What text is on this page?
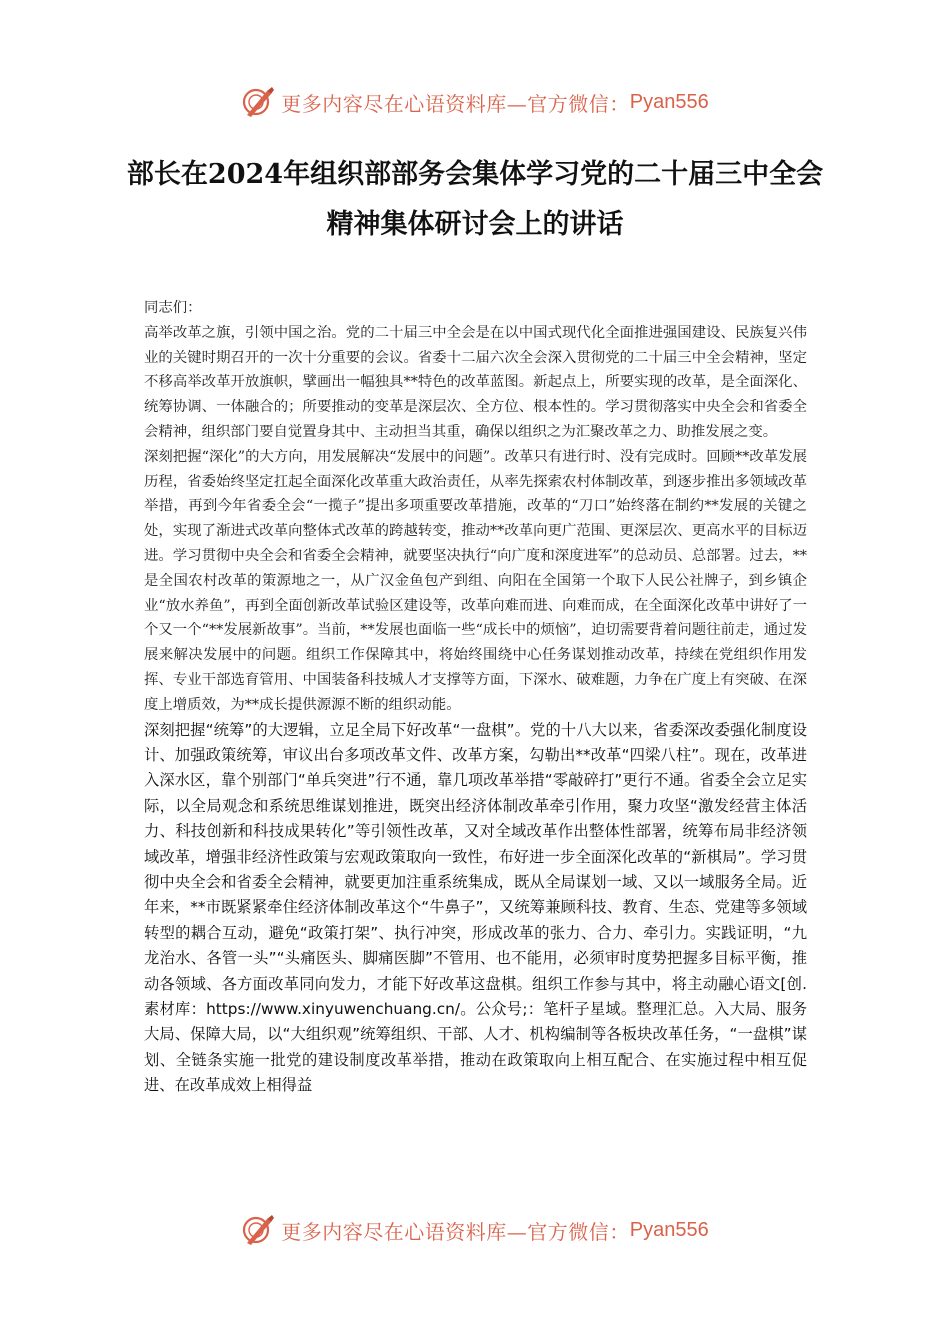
更多内容尽在心语资料库—官方微信： Pyan556
部长在2024年组织部部务会集体学习党的二十届三中全会精神集体研讨会上的讲话

同志们：

高举改革之旗，引领中国之治。党的二十届三中全会是在以中国式现代化全面推进强国建设、民族复兴伟业的关键时期召开的一次十分重要的会议。省委十二届六次全会深入贯彻党的二十届三中全会精神，坚定不移高举改革开放旗帜，擘画出一幅独具**特色的改革蓝图。新起点上，所要实现的改革，是全面深化、统筹协调、一体融合的；所要推动的变革是深层次、全方位、根本性的。学习贯彻落实中央全会和省委全会精神，组织部门要自觉置身其中、主动担当其重，确保以组织之为汇聚改革之力、助推发展之变。

深刻把握“深化”的大方向，用发展解决“发展中的问题”。改革只有进行时、没有完成时。回顾**改革发展历程，省委始终坚定扛起全面深化改革重大政治责任，从率先探索农村体制改革，到逐步推出多领域改革举措，再到今年省委全会“一揽子”提出多项重要改革措施，改革的“刀口”始终落在制约**发展的关键之处，实现了渐进式改革向整体式改革的跨越转变，推动**改革向更广范围、更深层次、更高水平的目标迈进。学习贯彻中央全会和省委全会精神，就要坚决执行“向广度和深度进军”的总动员、总部署。过去，**是全国农村改革的策源地之一，从广汉金鱼包产到组、向阳在全国第一个取下人民公社牌子，到乡镇企业“放水养鱼”，再到全面创新改革试验区建设等，改革向难而进、向难而成，在全面深化改革中讲好了一个又一个“**发展新故事”。当前，**发展也面临一些“成长中的烦恼”，迫切需要背着问题往前走，通过发展来解决发展中的问题。组织工作保障其中，将始终围绕中心任务谋划推动改革，持续在党组织作用发挥、专业干部选育管用、中国装备科技城人才支撑等方面，下深水、破难题，力争在广度上有突破、在深度上增质效，为**成长提供源源不断的组织动能。

深刻把握“统筹”的大逻辑，立足全局下好改革“一盘棋”。党的十八大以来，省委深改委强化制度设计、加强政策统筹，审议出台多项改革文件、改革方案，勾勒出**改革“四梁八柱”。现在，改革进入深水区，靠个别部门“单兵突进”行不通，靠几项改革举措“零敲碎打”更行不通。省委全会立足实际，以全局观念和系统思维谋划推进，既突出经济体制改革牵引作用，聚力攻坚“激发经营主体活力、科技创新和科技成果转化”等引领性改革，又对全域改革作出整体性部署，统筹布局非经济领域改革，增强非经济性政策与宏观政策取向一致性，布好进一步全面深化改革的“新棋局”。学习贯彻中央全会和省委全会精神，就要更加注重系统集成，既从全局谋划一域、又以一域服务全局。近年来，**市既紧紧牵住经济体制改革这个“牛鼻子”，又统筹兼顾科技、教育、生态、党建等多领域转型的耦合互动，避免“政策打架”、执行冲突，形成改革的张力、合力、牵引力。实践证明，“九龙治水、各管一头”“头痛医头、脚痛医脚”不管用、也不能用，必须审时度势把握多目标平衡，推动各领域、各方面改革同向发力，才能下好改革这盘棋。组织工作参与其中，将主动融心语文[创.素材库：https://www.xinyuwenchuang.cn/。公众号;：笔杆子星域。整理汇总。入大局、服务大局、保障大局，以“大组织观”统筹组织、干部、人才、机构编制等各板块改革任务，“一盘棋”谋划、全链条实施一批党的建设制度改革举措，推动在政策取向上相互配合、在实施过程中相互促进、在改革成效上相得益

更多内容尽在心语资料库—官方微信： Pyan556
